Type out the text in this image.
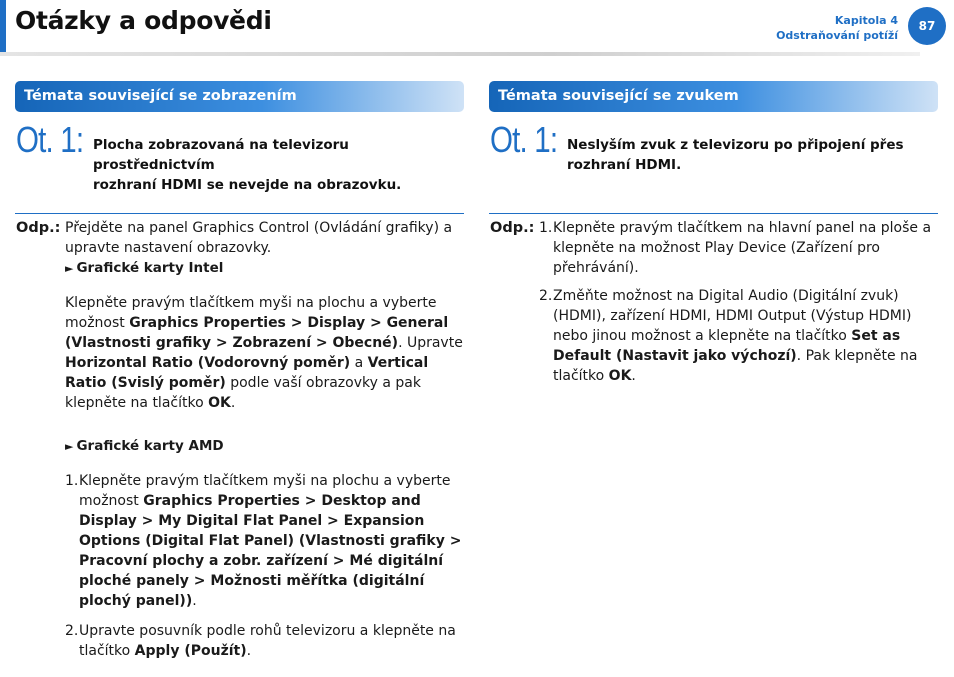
Otázky a odpovědi	Kapitola 4
Odstraňování potíží
87
Témata související se zobrazením
Ot. 1: Plocha zobrazovaná na televizoru prostřednictvím
rozhraní HDMI se nevejde na obrazovku.
Odp.: Přejděte na panel Graphics Control (Ovládání grafiky) a upravte nastavení obrazovky.

► Grafické karty Intel

Klepněte pravým tlačítkem myši na plochu a vyberte možnost Graphics Properties > Display > General (Vlastnosti grafiky > Zobrazení > Obecné). Upravte Horizontal Ratio (Vodorovný poměr) a Vertical Ratio (Svislý poměr) podle vaší obrazovky a pak klepněte na tlačítko OK.

► Grafické karty AMD

1. Klepněte pravým tlačítkem myši na plochu a vyberte možnost Graphics Properties > Desktop and Display > My Digital Flat Panel > Expansion Options (Digital Flat Panel) (Vlastnosti grafiky > Pracovní plochy a zobr. zařízení > Mé digitální ploché panely > Možnosti měřítka (digitální plochý panel)).

2. Upravte posuvník podle rohů televizoru a klepněte na tlačítko Apply (Použít).

Témata související se zvukem
Ot. 1: Neslyším zvuk z televizoru po připojení přes
rozhraní HDMI.
Odp.: 1. Klepněte pravým tlačítkem na hlavní panel na ploše a klepněte na možnost Play Device (Zařízení pro přehrávání).

2. Změňte možnost na Digital Audio (Digitální zvuk) (HDMI), zařízení HDMI, HDMI Output (Výstup HDMI) nebo jinou možnost a klepněte na tlačítko Set as Default (Nastavit jako výchozí). Pak klepněte na tlačítko OK.
